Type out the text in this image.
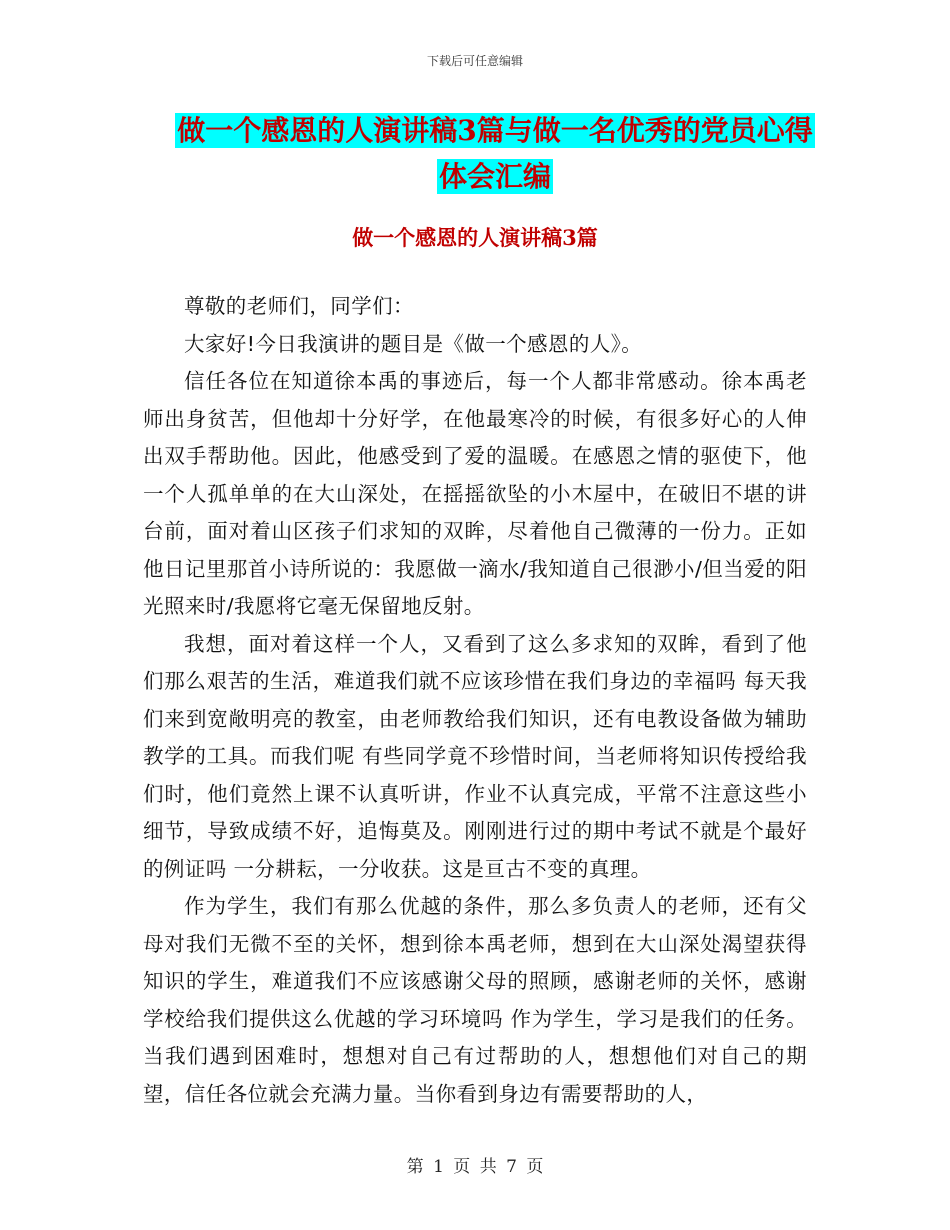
下载后可任意编辑
做一个感恩的人演讲稿3篇与做一名优秀的党员心得
体会汇编
做一个感恩的人演讲稿3篇

尊敬的老师们，同学们：

大家好!今日我演讲的题目是《做一个感恩的人》。

信任各位在知道徐本禹的事迹后，每一个人都非常感动。徐本禹老师出身贫苦，但他却十分好学，在他最寒冷的时候，有很多好心的人伸出双手帮助他。因此，他感受到了爱的温暖。在感恩之情的驱使下，他一个人孤单单的在大山深处，在摇摇欲坠的小木屋中，在破旧不堪的讲台前，面对着山区孩子们求知的双眸，尽着他自己微薄的一份力。正如他日记里那首小诗所说的：我愿做一滴水/我知道自己很渺小/但当爱的阳光照来时/我愿将它毫无保留地反射。

我想，面对着这样一个人，又看到了这么多求知的双眸，看到了他们那么艰苦的生活，难道我们就不应该珍惜在我们身边的幸福吗 每天我们来到宽敞明亮的教室，由老师教给我们知识，还有电教设备做为辅助教学的工具。而我们呢 有些同学竟不珍惜时间，当老师将知识传授给我们时，他们竟然上课不认真听讲，作业不认真完成，平常不注意这些小细节，导致成绩不好，追悔莫及。刚刚进行过的期中考试不就是个最好的例证吗 一分耕耘，一分收获。这是亘古不变的真理。

作为学生，我们有那么优越的条件，那么多负责人的老师，还有父母对我们无微不至的关怀，想到徐本禹老师，想到在大山深处渴望获得知识的学生，难道我们不应该感谢父母的照顾，感谢老师的关怀，感谢学校给我们提供这么优越的学习环境吗 作为学生，学习是我们的任务。当我们遇到困难时，想想对自己有过帮助的人，想想他们对自己的期望，信任各位就会充满力量。当你看到身边有需要帮助的人，

第 1 页 共 7 页
